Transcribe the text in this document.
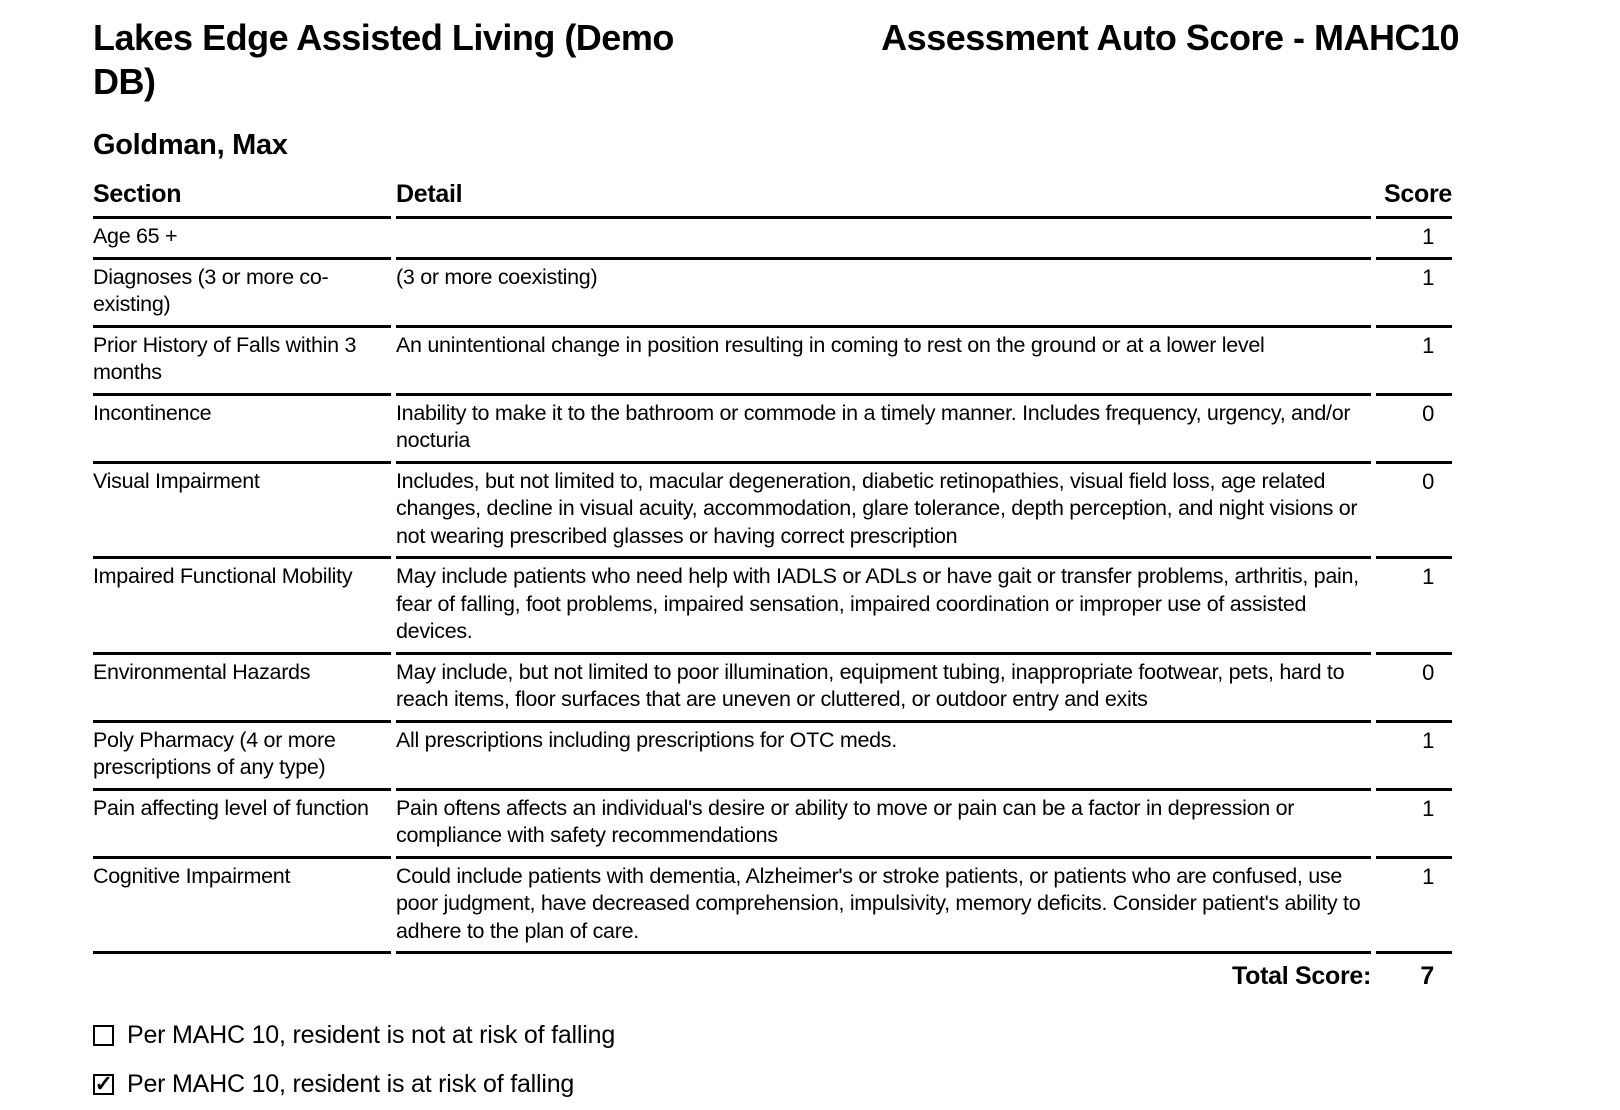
Lakes Edge Assisted Living (Demo DB)
Assessment Auto Score - MAHC10
Goldman, Max
Section	Detail	Score
Age 65 +		1
Diagnoses (3 or more co-existing)	(3 or more coexisting)	1
Prior History of Falls within 3 months	An unintentional change in position resulting in coming to rest on the ground or at a lower level	1
Incontinence	Inability to make it to the bathroom or commode in a timely manner. Includes frequency, urgency, and/or nocturia	0
Visual Impairment	Includes, but not limited to, macular degeneration, diabetic retinopathies, visual field loss, age related changes, decline in visual acuity, accommodation, glare tolerance, depth perception, and night visions or not wearing prescribed glasses or having correct prescription	0
Impaired Functional Mobility	May include patients who need help with IADLS or ADLs or have gait or transfer problems, arthritis, pain, fear of falling, foot problems, impaired sensation, impaired coordination or improper use of assisted devices.	1
Environmental Hazards	May include, but not limited to poor illumination, equipment tubing, inappropriate footwear, pets, hard to reach items, floor surfaces that are uneven or cluttered, or outdoor entry and exits	0
Poly Pharmacy (4 or more prescriptions of any type)	All prescriptions including prescriptions for OTC meds.	1
Pain affecting level of function	Pain oftens affects an individual's desire or ability to move or pain can be a factor in depression or compliance with safety recommendations	1
Cognitive Impairment	Could include patients with dementia, Alzheimer's or stroke patients, or patients who are confused, use poor judgment, have decreased comprehension, impulsivity, memory deficits. Consider patient's ability to adhere to the plan of care.	1
	Total Score:	7
Per MAHC 10, resident is not at risk of falling
✓ Per MAHC 10, resident is at risk of falling
